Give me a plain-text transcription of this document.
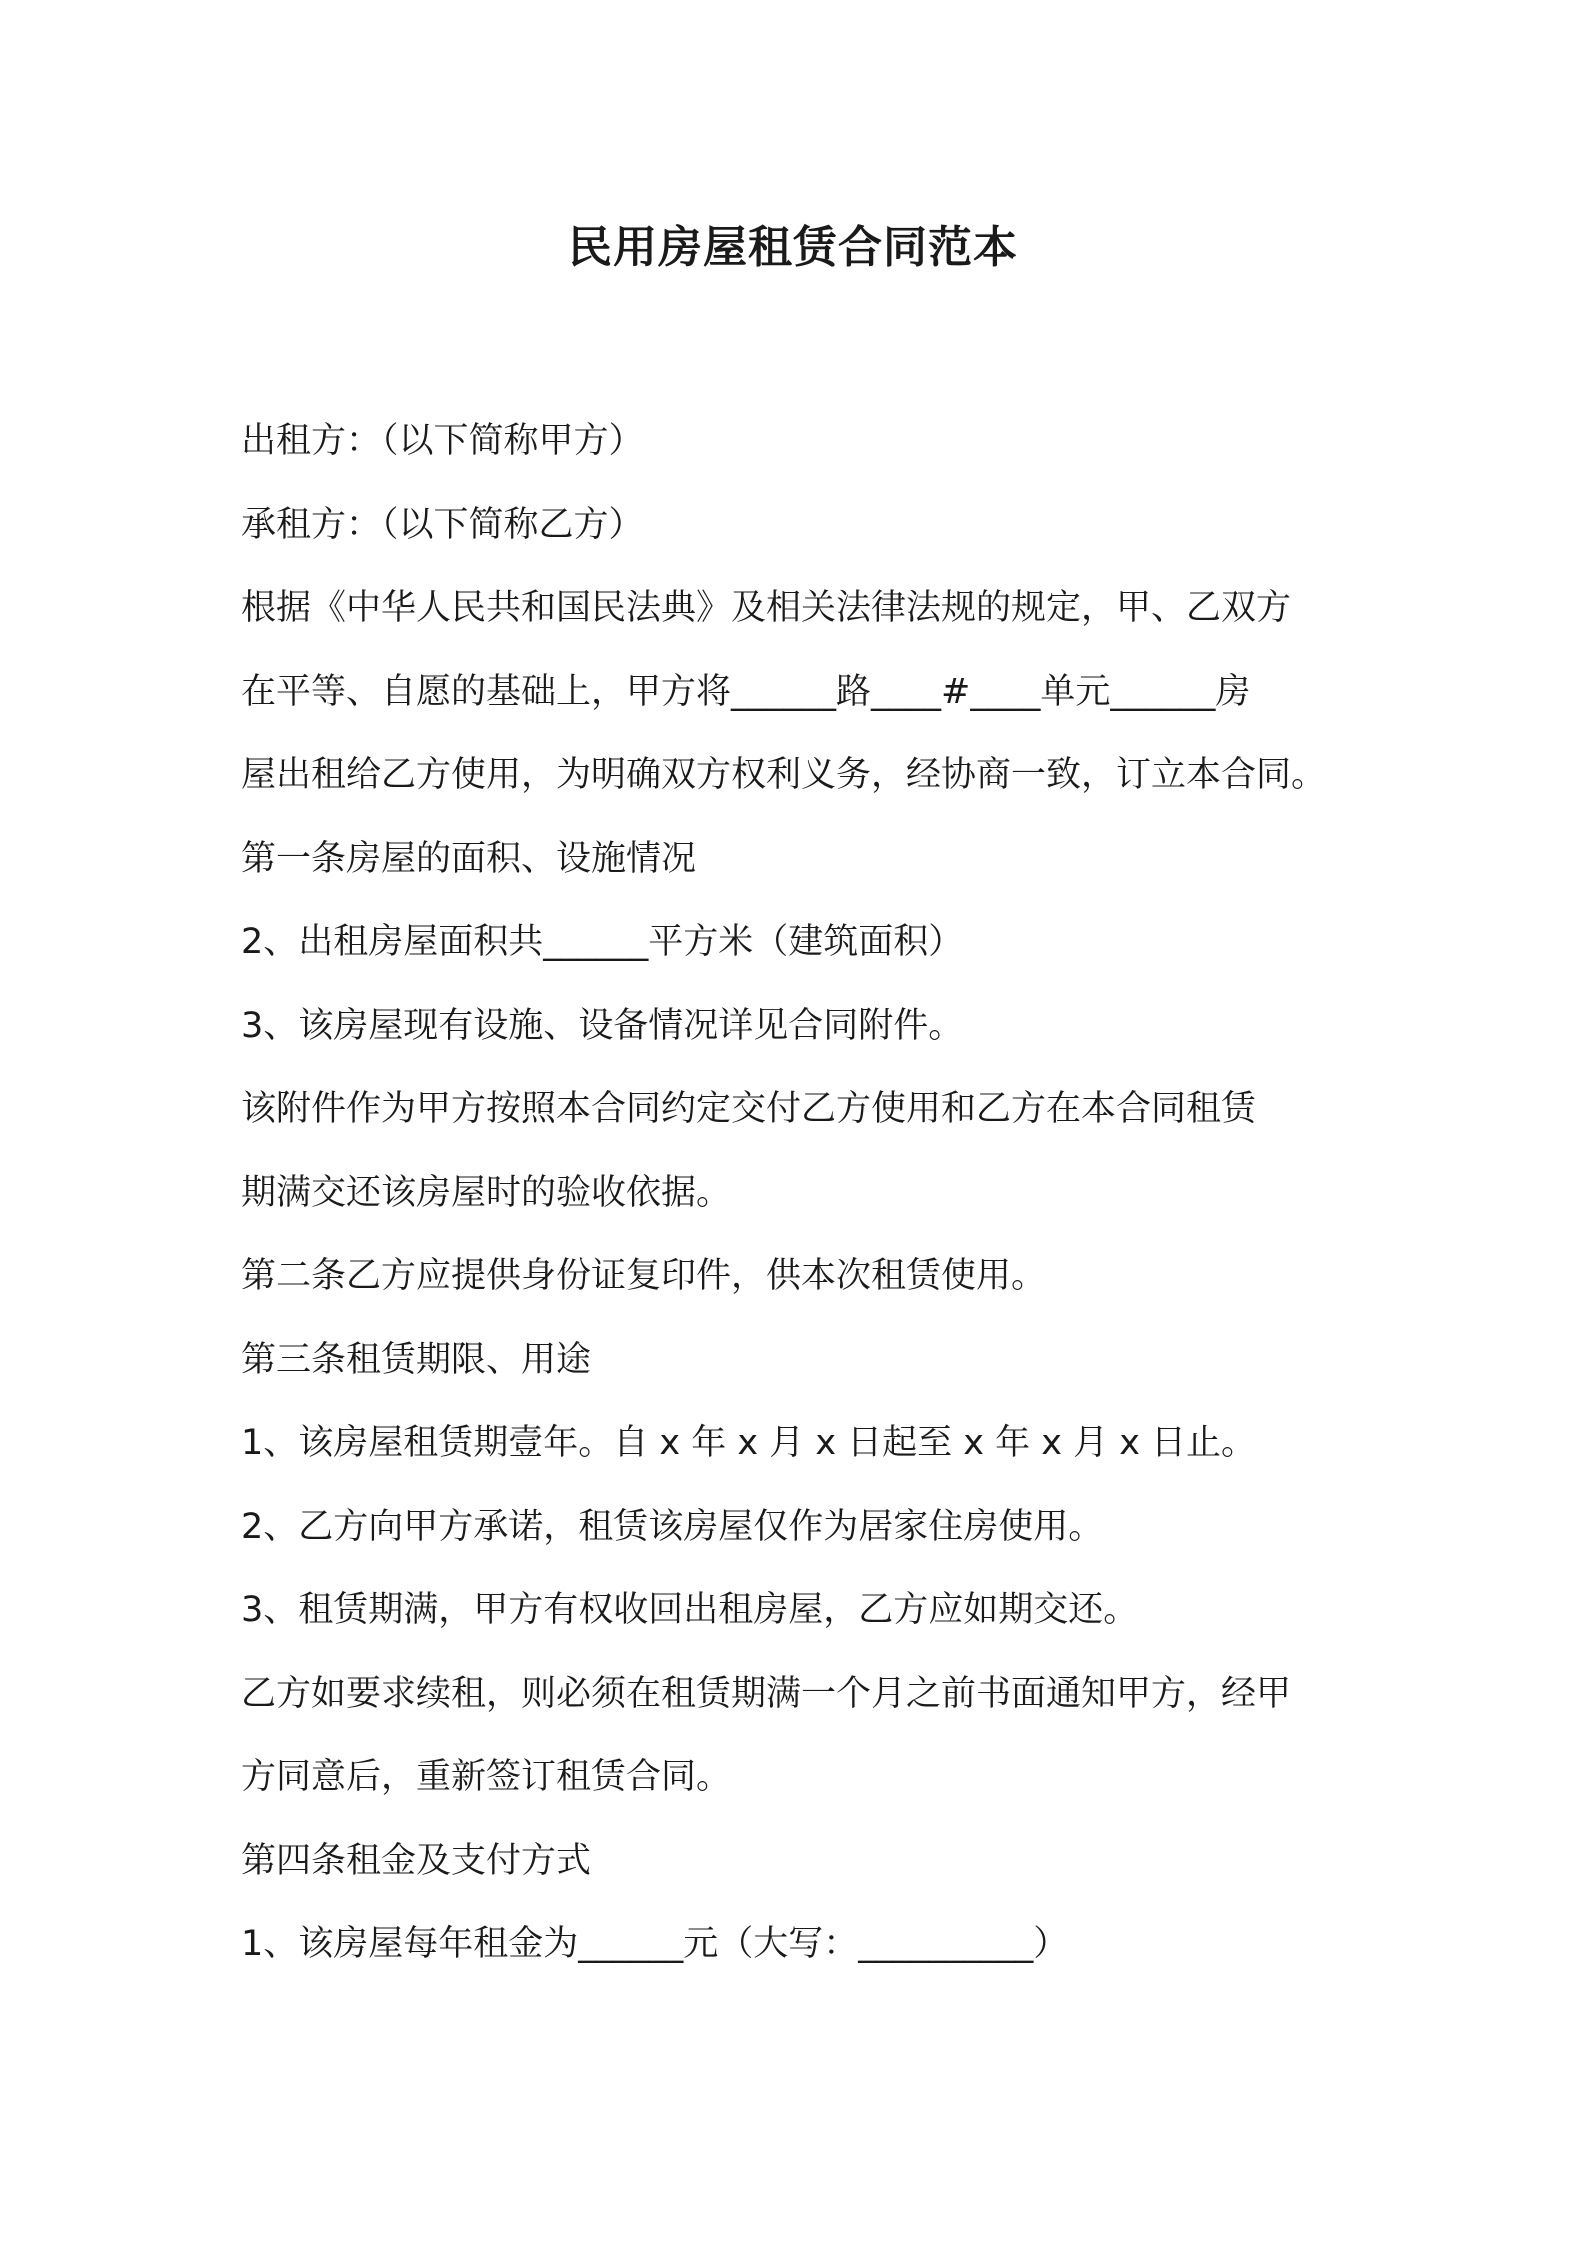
民用房屋租赁合同范本
出租方：（以下简称甲方）
承租方：（以下简称乙方）
根据《中华人民共和国民法典》及相关法律法规的规定，甲、乙双方
在平等、自愿的基础上，甲方将______路____#____单元______房
屋出租给乙方使用，为明确双方权利义务，经协商一致，订立本合同。
第一条房屋的面积、设施情况
2、出租房屋面积共______平方米（建筑面积）
3、该房屋现有设施、设备情况详见合同附件。
该附件作为甲方按照本合同约定交付乙方使用和乙方在本合同租赁
期满交还该房屋时的验收依据。
第二条乙方应提供身份证复印件，供本次租赁使用。
第三条租赁期限、用途
1、该房屋租赁期壹年。自 x 年 x 月 x 日起至 x 年 x 月 x 日止。
2、乙方向甲方承诺，租赁该房屋仅作为居家住房使用。
3、租赁期满，甲方有权收回出租房屋，乙方应如期交还。
乙方如要求续租，则必须在租赁期满一个月之前书面通知甲方，经甲
方同意后，重新签订租赁合同。
第四条租金及支付方式
1、该房屋每年租金为______元（大写：__________）
